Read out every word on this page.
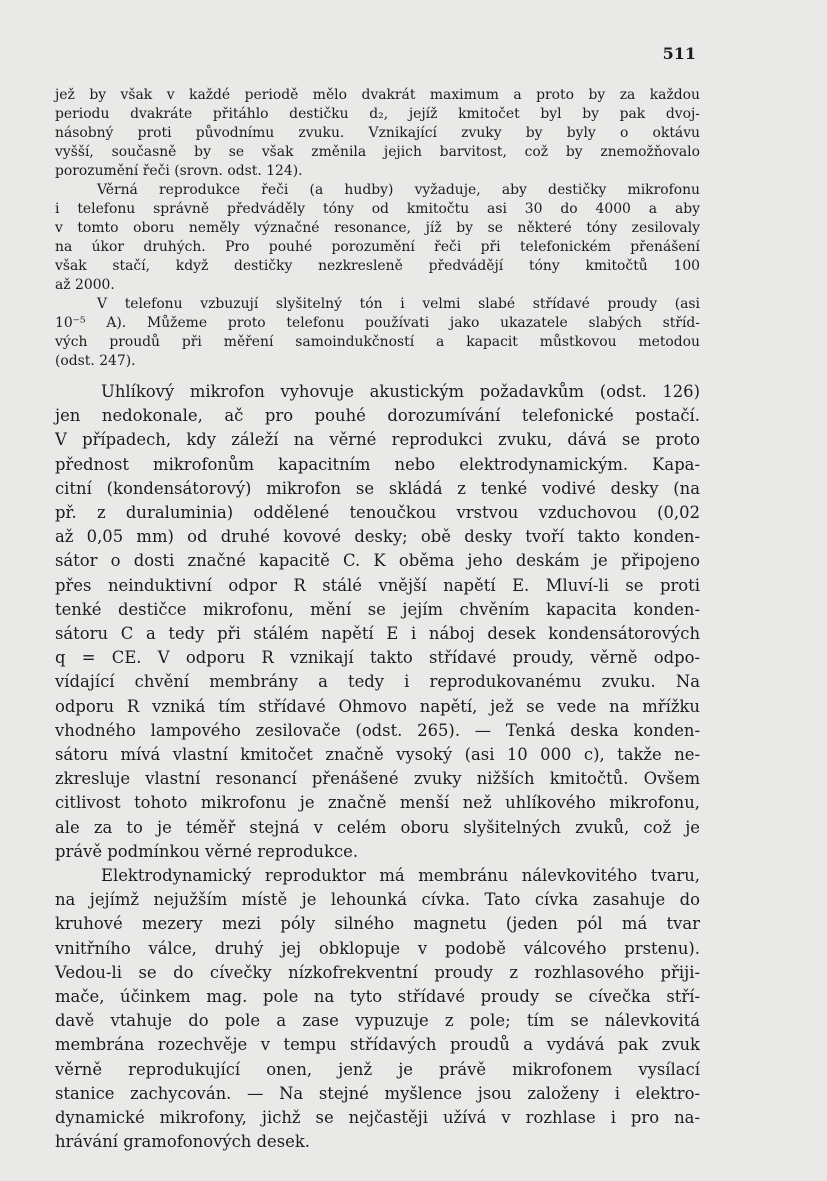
511
jež by však v každé periodě mělo dvakrát maximum a proto by za každou
periodu dvakráte přitáhlo destičku d₂, jejíž kmitočet byl by pak dvoj-
násobný proti původnímu zvuku. Vznikající zvuky by byly o oktávu
vyšší, současně by se však změnila jejich barvitost, což by znemožňovalo
porozumění řeči (srovn. odst. 124).
Věrná reprodukce řeči (a hudby) vyžaduje, aby destičky mikrofonu
i telefonu správně předváděly tóny od kmitočtu asi 30 do 4000 a aby
v tomto oboru neměly význačné resonance, jíž by se některé tóny zesilovaly
na úkor druhých. Pro pouhé porozumění řeči při telefonickém přenášení
však stačí, když destičky nezkresleně předvádějí tóny kmitočtů 100
až 2000.
V telefonu vzbuzují slyšitelný tón i velmi slabé střídavé proudy (asi
10⁻⁵ A). Můžeme proto telefonu používati jako ukazatele slabých stříd-
vých proudů při měření samoindukčností a kapacit můstkovou metodou
(odst. 247).
Uhlíkový mikrofon vyhovuje akustickým požadavkům (odst. 126)
jen nedokonale, ač pro pouhé dorozumívání telefonické postačí.
V případech, kdy záleží na věrné reprodukci zvuku, dává se proto
přednost mikrofonům kapacitním nebo elektrodynamickým. Kapa-
citní (kondensátorový) mikrofon se skládá z tenké vodivé desky (na
př. z duraluminia) oddělené tenoučkou vrstvou vzduchovou (0,02
až 0,05 mm) od druhé kovové desky; obě desky tvoří takto konden-
sátor o dosti značné kapacitě C. K oběma jeho deskám je připojeno
přes neinduktivní odpor R stálé vnější napětí E. Mluví-li se proti
tenké destičce mikrofonu, mění se jejím chvěním kapacita konden-
sátoru C a tedy při stálém napětí E i náboj desek kondensátorových
q = CE. V odporu R vznikají takto střídavé proudy, věrně odpo-
vídající chvění membrány a tedy i reprodukovanému zvuku. Na
odporu R vzniká tím střídavé Ohmovo napětí, jež se vede na mřížku
vhodného lampového zesilovače (odst. 265). — Tenká deska konden-
sátoru mívá vlastní kmitočet značně vysoký (asi 10 000 c), takže ne-
zkresluje vlastní resonancí přenášené zvuky nižších kmitočtů. Ovšem
citlivost tohoto mikrofonu je značně menší než uhlíkového mikrofonu,
ale za to je téměř stejná v celém oboru slyšitelných zvuků, což je
právě podmínkou věrné reprodukce.
Elektrodynamický reproduktor má membránu nálevkovitého tvaru,
na jejímž nejužším místě je lehounká cívka. Tato cívka zasahuje do
kruhové mezery mezi póly silného magnetu (jeden pól má tvar
vnitřního válce, druhý jej obklopuje v podobě válcového prstenu).
Vedou-li se do cívečky nízkofrekventní proudy z rozhlasového přiji-
mače, účinkem mag. pole na tyto střídavé proudy se cívečka stří-
davě vtahuje do pole a zase vypuzuje z pole; tím se nálevkovitá
membrána rozechvěje v tempu střídavých proudů a vydává pak zvuk
věrně reprodukující onen, jenž je právě mikrofonem vysílací
stanice zachycován. — Na stejné myšlence jsou založeny i elektro-
dynamické mikrofony, jichž se nejčastěji užívá v rozhlase i pro na-
hrávání gramofonových desek.
